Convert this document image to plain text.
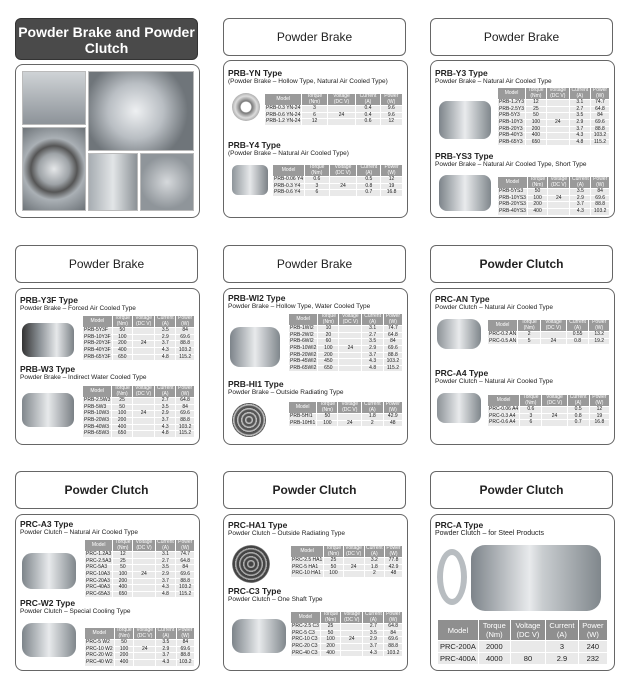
Powder Brake and Powder Clutch
Powder Brake
PRB-YN Type
(Powder Brake – Hollow Type, Natural Air Cooled Type)
Model	Torque (Nm)	Voltage (DC V)	Current (A)	Power (W)
PRB-0.3 YN-24	3		0.4	9.6
PRB-0.6 YN-24	6	24	0.4	9.6
PRB-1.2 YN-24	12		0.6	12
PRB-Y4 Type
(Powder Brake – Natural Air Cooled Type)
Model	Torque (Nm)	Voltage (DC V)	Current (A)	Power (W)
PRB-0.06 Y4	0.6		0.5	12
PRB-0.3 Y4	3	24	0.8	19
PRB-0.6 Y4	6		0.7	16.8
Powder Brake
PRB-Y3 Type
Powder Brake – Natural Air Cooled Type
Model	Torque (Nm)	Voltage (DC V)	Current (A)	Power (W)
PRB-1.2Y3	12		3.1	74.7
PRB-2.5Y3	25		2.7	64.8
PRB-5Y3	50		3.5	84
PRB-10Y3	100	24	2.9	69.6
PRB-20Y3	200		3.7	88.8
PRB-40Y3	400		4.3	103.2
PRB-65Y3	650		4.8	115.2
PRB-YS3 Type
Powder Brake – Natural Air Cooled Type, Short Type
Model	Torque (Nm)	Voltage (DC V)	Current (A)	Power (W)
PRB-5YS3	50		3.5	84
PRB-10YS3	100	24	2.9	69.6
PRB-20YS3	200		3.7	88.8
PRB-40YS3	400		4.3	103.2
Powder Brake
PRB-Y3F Type
Powder Brake – Forced Air Cooled Type
Model	Torque (Nm)	Voltage (DC V)	Current (A)	Power (W)
PRB-5Y3F	50		3.5	84
PRB-10Y3F	100		2.9	69.6
PRB-20Y3F	200	24	3.7	88.8
PRB-40Y3F	400		4.3	103.2
PRB-65Y3F	650		4.8	115.2
PRB-W3 Type
Powder Brake – Indirect Water Cooled Type
Model	Torque (Nm)	Voltage (DC V)	Current (A)	Power (W)
PRB-2.5W3	25		2.7	64.8
PRB-5W3	50		3.5	84
PRB-10W3	100	24	2.9	69.6
PRB-20W3	200		3.7	88.8
PRB-40W3	400		4.3	103.2
PRB-65W3	650		4.8	115.2
Powder Brake
PRB-WI2 Type
Powder Brake – Hollow Type, Water Cooled Type
Model	Torque (Nm)	Voltage (DC V)	Current (A)	Power (W)
PRB-1WI2	10		3.1	74.7
PRB-2WI2	20		2.7	64.8
PRB-6WI2	60		3.5	84
PRB-10WI2	100	24	2.9	69.6
PRB-20WI2	200		3.7	88.8
PRB-45WI2	450		4.3	103.2
PRB-65WI2	650		4.8	115.2
PRB-HI1 Type
Powder Brake – Outside Radiating Type
Model	Torque (Nm)	Voltage (DC V)	Current (A)	Power (W)
PRB-5HI1	50		1.8	42.9
PRB-10HI1	100	24	2	48
Powder Clutch
PRC-AN Type
Powder Clutch – Natural Air Cooled Type
Model	Torque (Nm)	Voltage (DC V)	Current (A)	Power (W)
PRC-0.2 AN	2		0.55	13.2
PRC-0.5 AN	5	24	0.8	19.2
PRC-A4 Type
Powder Clutch – Natural Air Cooled Type
Model	Torque (Nm)	Voltage (DC V)	Current (A)	Power (W)
PRC-0.06 A4	0.6		0.5	12
PRC-0.3 A4	3	24	0.8	19
PRC-0.6 A4	6		0.7	16.8
Powder Clutch
PRC-A3 Type
Powder Clutch – Natural Air Cooled Type
Model	Torque (Nm)	Voltage (DC V)	Current (A)	Power (W)
PRC-1.2A3	12		3.1	74.7
PRC-2.5A3	25		2.7	64.8
PRC-5A3	50		3.5	84
PRC-10A3	100	24	2.9	69.6
PRC-20A3	200		3.7	88.8
PRC-40A3	400		4.3	103.2
PRC-65A3	650		4.8	115.2
PRC-W2 Type
Powder Clutch – Special Cooling Type
Model	Torque (Nm)	Voltage (DC V)	Current (A)	Power (W)
PRC-5 W2	50		3.5	84
PRC-10 W2	100	24	2.9	69.6
PRC-20 W2	200		3.7	88.8
PRC-40 W2	400		4.3	103.2
Powder Clutch
PRC-HA1 Type
Powder Clutch – Outside Radiating Type
Model	Torque (Nm)	Voltage (DC V)	Current (A)	Power (W)
PRC-2.5 HA1	25		3.2	77.8
PRC-5 HA1	50	24	1.8	42.9
PRC-10 HA1	100		2	48
PRC-C3 Type
Powder Clutch – One Shaft Type
Model	Torque (Nm)	Voltage (DC V)	Current (A)	Power (W)
PRC-2.5 C3	25		2.7	64.8
PRC-5 C3	50		3.5	84
PRC-10 C3	100	24	2.9	69.6
PRC-20 C3	200		3.7	88.8
PRC-40 C3	400		4.3	103.2
Powder Clutch
PRC-A Type
Powder Clutch – for Steel Products
Model	Torque (Nm)	Voltage (DC V)	Current (A)	Power (W)
PRC-200A	2000		3	240
PRC-400A	4000	80	2.9	232
